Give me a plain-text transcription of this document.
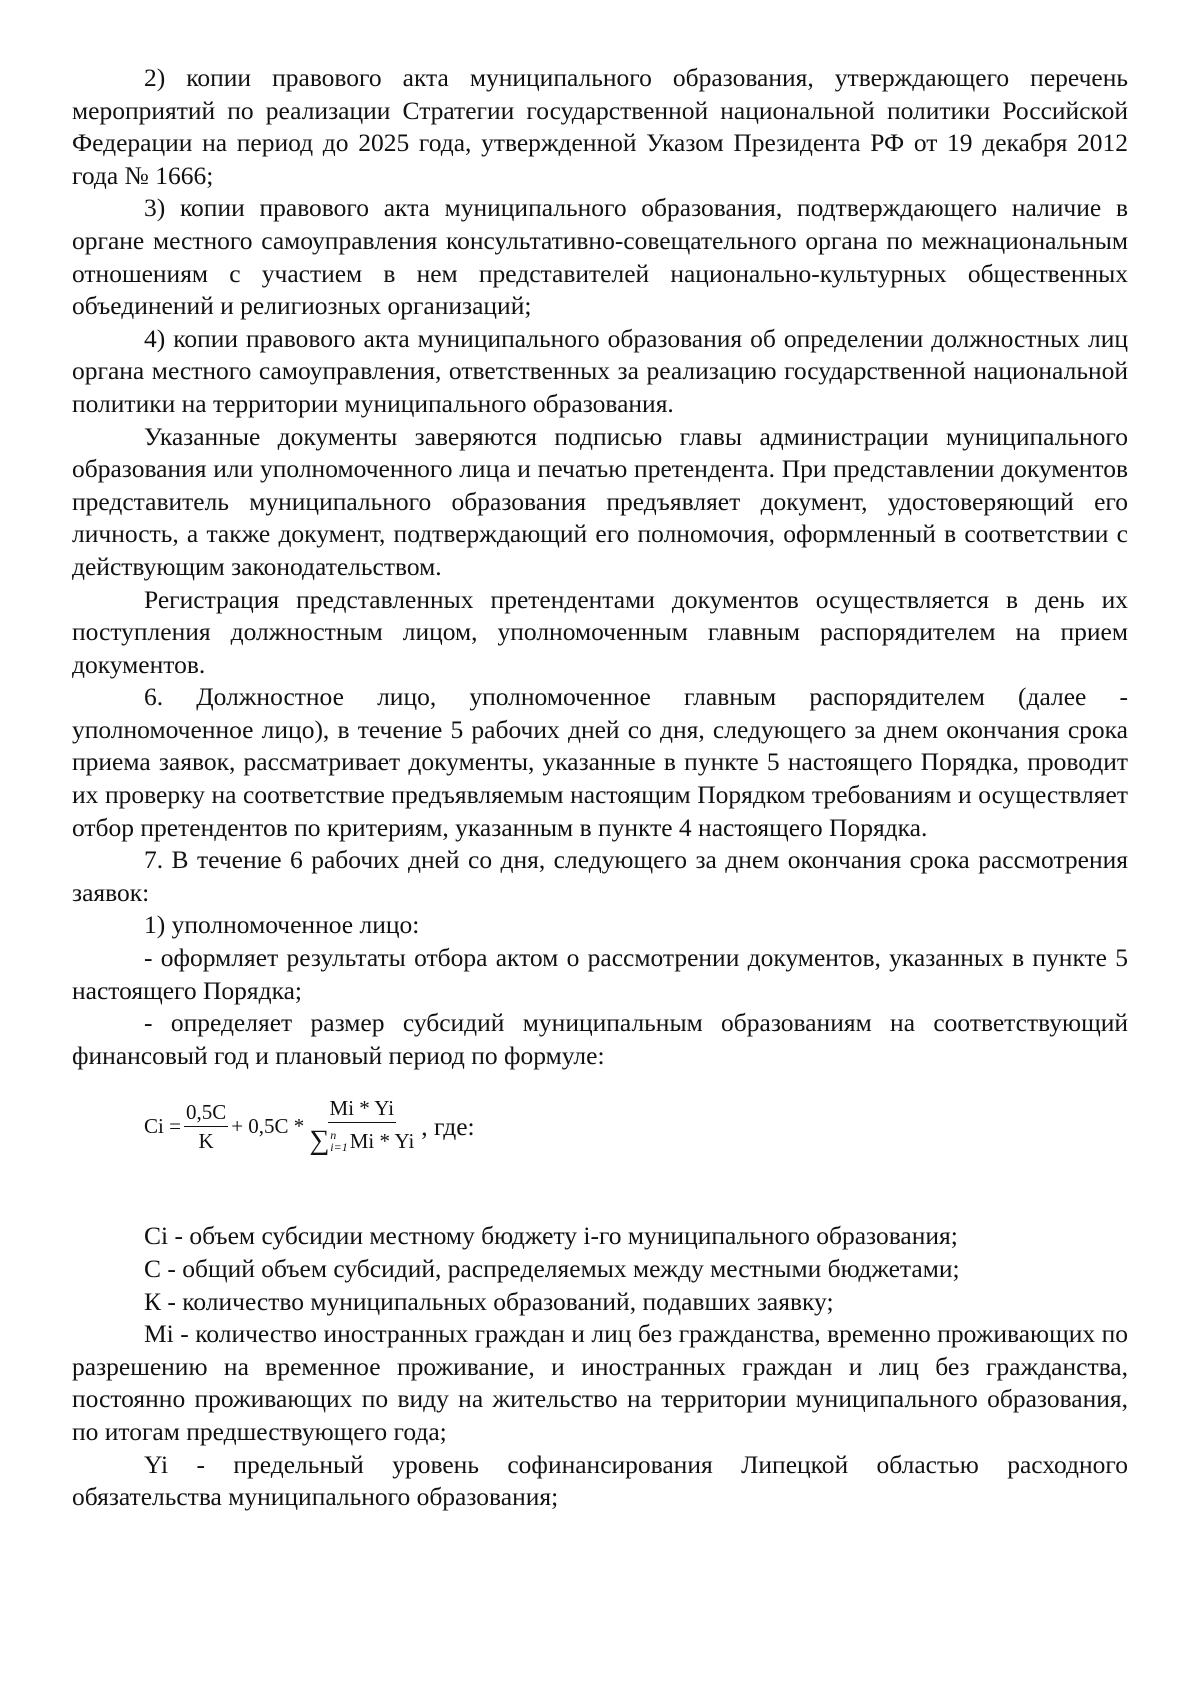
2) копии правового акта муниципального образования, утверждающего перечень мероприятий по реализации Стратегии государственной национальной политики Российской Федерации на период до 2025 года, утвержденной Указом Президента РФ от 19 декабря 2012 года № 1666;

3) копии правового акта муниципального образования, подтверждающего наличие в органе местного самоуправления консультативно-совещательного органа по межнациональным отношениям с участием в нем представителей национально-культурных общественных объединений и религиозных организаций;

4) копии правового акта муниципального образования об определении должностных лиц органа местного самоуправления, ответственных за реализацию государственной национальной политики на территории муниципального образования.

Указанные документы заверяются подписью главы администрации муниципального образования или уполномоченного лица и печатью претендента. При представлении документов представитель муниципального образования предъявляет документ, удостоверяющий его личность, а также документ, подтверждающий его полномочия, оформленный в соответствии с действующим законодательством.

Регистрация представленных претендентами документов осуществляется в день их поступления должностным лицом, уполномоченным главным распорядителем на прием документов.

6. Должностное лицо, уполномоченное главным распорядителем (далее - уполномоченное лицо), в течение 5 рабочих дней со дня, следующего за днем окончания срока приема заявок, рассматривает документы, указанные в пункте 5 настоящего Порядка, проводит их проверку на соответствие предъявляемым настоящим Порядком требованиям и осуществляет отбор претендентов по критериям, указанным в пункте 4 настоящего Порядка.

7. В течение 6 рабочих дней со дня, следующего за днем окончания срока рассмотрения заявок:

1) уполномоченное лицо:

- оформляет результаты отбора актом о рассмотрении документов, указанных в пункте 5 настоящего Порядка;

- определяет размер субсидий муниципальным образованиям на соответствующий финансовый год и плановый период по формуле:

$Ci = \frac{0,5C}{K} + 0,5C$ *
Mi * Yi
∑ n
i=1 Mi * Yi , где:

Ci - объем субсидии местному бюджету i-го муниципального образования;

С - общий объем субсидий, распределяемых между местными бюджетами;

К - количество муниципальных образований, подавших заявку;

Mi - количество иностранных граждан и лиц без гражданства, временно проживающих по разрешению на временное проживание, и иностранных граждан и лиц без гражданства, постоянно проживающих по виду на жительство на территории муниципального образования, по итогам предшествующего года;

Yi - предельный уровень софинансирования Липецкой областью расходного обязательства муниципального образования;
